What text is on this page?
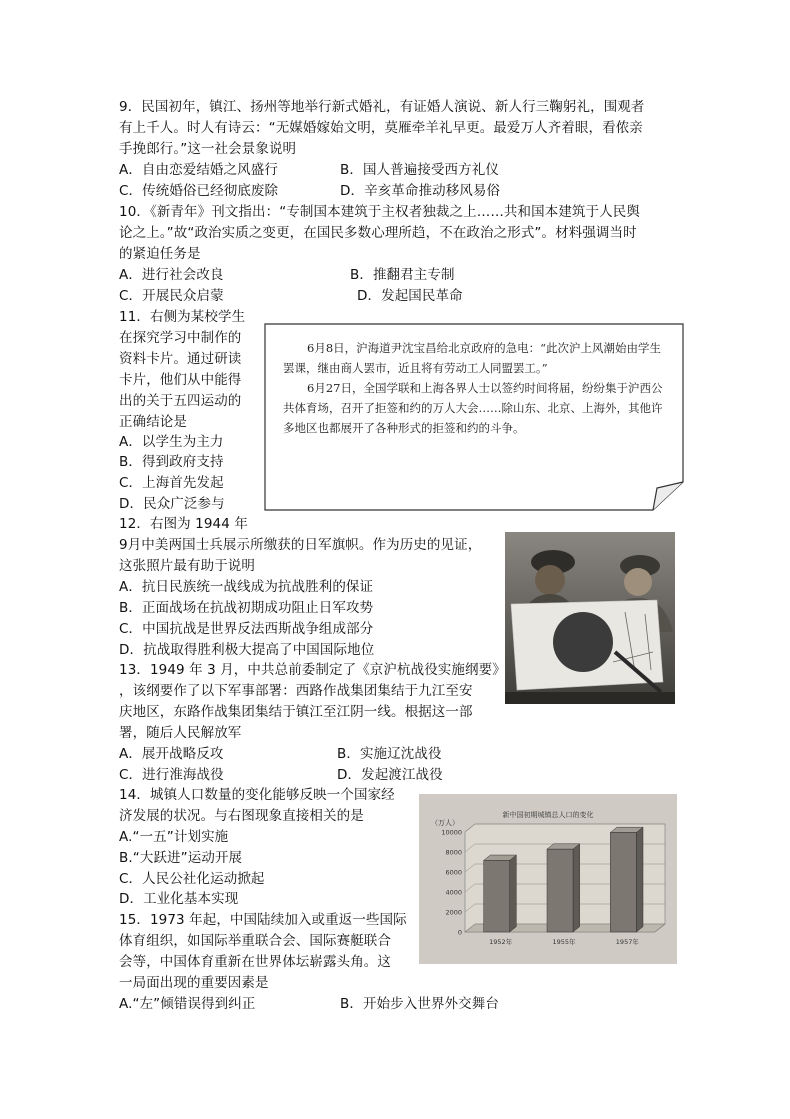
9．民国初年，镇江、扬州等地举行新式婚礼，有证婚人演说、新人行三鞠躬礼，围观者
有上千人。时人有诗云：“无媒婚嫁始文明，莫雁牵羊礼早更。最爱万人齐着眼，看侬亲
手挽郎行。”这一社会景象说明
A．自由恋爱结婚之风盛行	B．国人普遍接受西方礼仪
C．传统婚俗已经彻底废除	D．辛亥革命推动移风易俗
10．《新青年》刊文指出：“专制国本建筑于主权者独裁之上……共和国本建筑于人民舆
论之上。”故“政治实质之变更，在国民多数心理所趋，不在政治之形式”。材料强调当时
的紧迫任务是
A．进行社会改良	B．推翻君主专制
C．开展民众启蒙	D．发起国民革命
11．右侧为某校学生
在探究学习中制作的
资料卡片。通过研读
卡片，他们从中能得
出的关于五四运动的
正确结论是
A．以学生为主力
B．得到政府支持
C．上海首先发起
D．民众广泛参与

6月8日，沪海道尹沈宝昌给北京政府的急电：“此次沪上风潮始由学生罢课，继由商人罢市，近且将有劳动工人同盟罢工。”

6月27日，全国学联和上海各界人士以签约时间将届，纷纷集于沪西公共体育场，召开了拒签和约的万人大会……除山东、北京、上海外，其他许多地区也都展开了各种形式的拒签和约的斗争。

12．右图为 1944 年
9月中美两国士兵展示所缴获的日军旗帜。作为历史的见证，
这张照片最有助于说明
A．抗日民族统一战线成为抗战胜利的保证
B．正面战场在抗战初期成功阻止日军攻势
C．中国抗战是世界反法西斯战争组成部分
D．抗战取得胜利极大提高了中国国际地位
13．1949 年 3 月，中共总前委制定了《京沪杭战役实施纲要》
，该纲要作了以下军事部署：西路作战集团集结于九江至安
庆地区，东路作战集团集结于镇江至江阴一线。根据这一部
署，随后人民解放军
A．展开战略反攻	B．实施辽沈战役
C．进行淮海战役	D．发起渡江战役
14．城镇人口数量的变化能够反映一个国家经
济发展的状况。与右图现象直接相关的是
A.“一五”计划实施
B.“大跃进”运动开展
C．人民公社化运动掀起
D．工业化基本实现
新中国初期城镇总人口的变化
（万人）
10000
8000
6000
4000
2000
0
1952年	1955年	1957年
15．1973 年起，中国陆续加入或重返一些国际
体育组织，如国际举重联合会、国际赛艇联合
会等，中国体育重新在世界体坛崭露头角。这
一局面出现的重要因素是
A.“左”倾错误得到纠正	B．开始步入世界外交舞台
